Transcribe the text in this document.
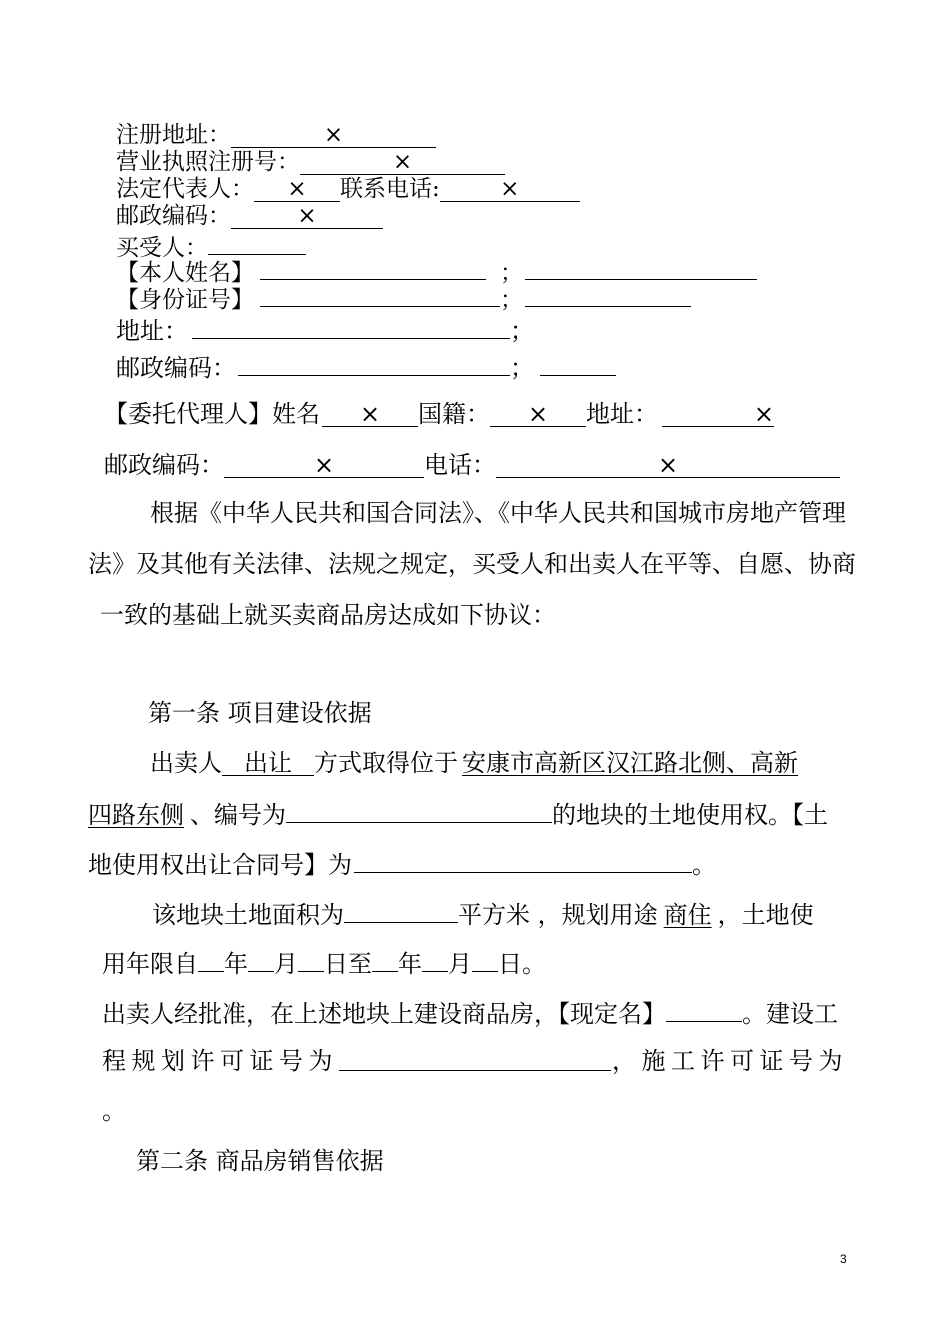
注册地址：	×
营业执照注册号：	×
法定代表人： × 联系电话:	×
邮政编码：	×
买受人：
【本人姓名】	；
【身份证号】	；
地址：	；
邮政编码：	；
【委托代理人】姓名 × 国籍： × 地址：	×
邮政编码：	×	电话：	×
根据《中华人民共和国合同法》、《中华人民共和国城市房地产管理
法》及其他有关法律、法规之规定，买受人和出卖人在平等、自愿、协商
一致的基础上就买卖商品房达成如下协议：
第一条 项目建设依据
出卖人 出让 方式取得位于 安康市高新区汉江路北侧、高新
四路东侧 、编号为	的地块的土地使用权。【土
地使用权出让合同号】为	。
该地块土地面积为	平方米 ，规划用途 商住 ，土地使
用年限自 年 月 日至 年 月 日。
出卖人经批准，在上述地块上建设商品房，【现定名】	。建设工
程规划许可证号为	，施工许可证号为
。
第二条 商品房销售依据
3
